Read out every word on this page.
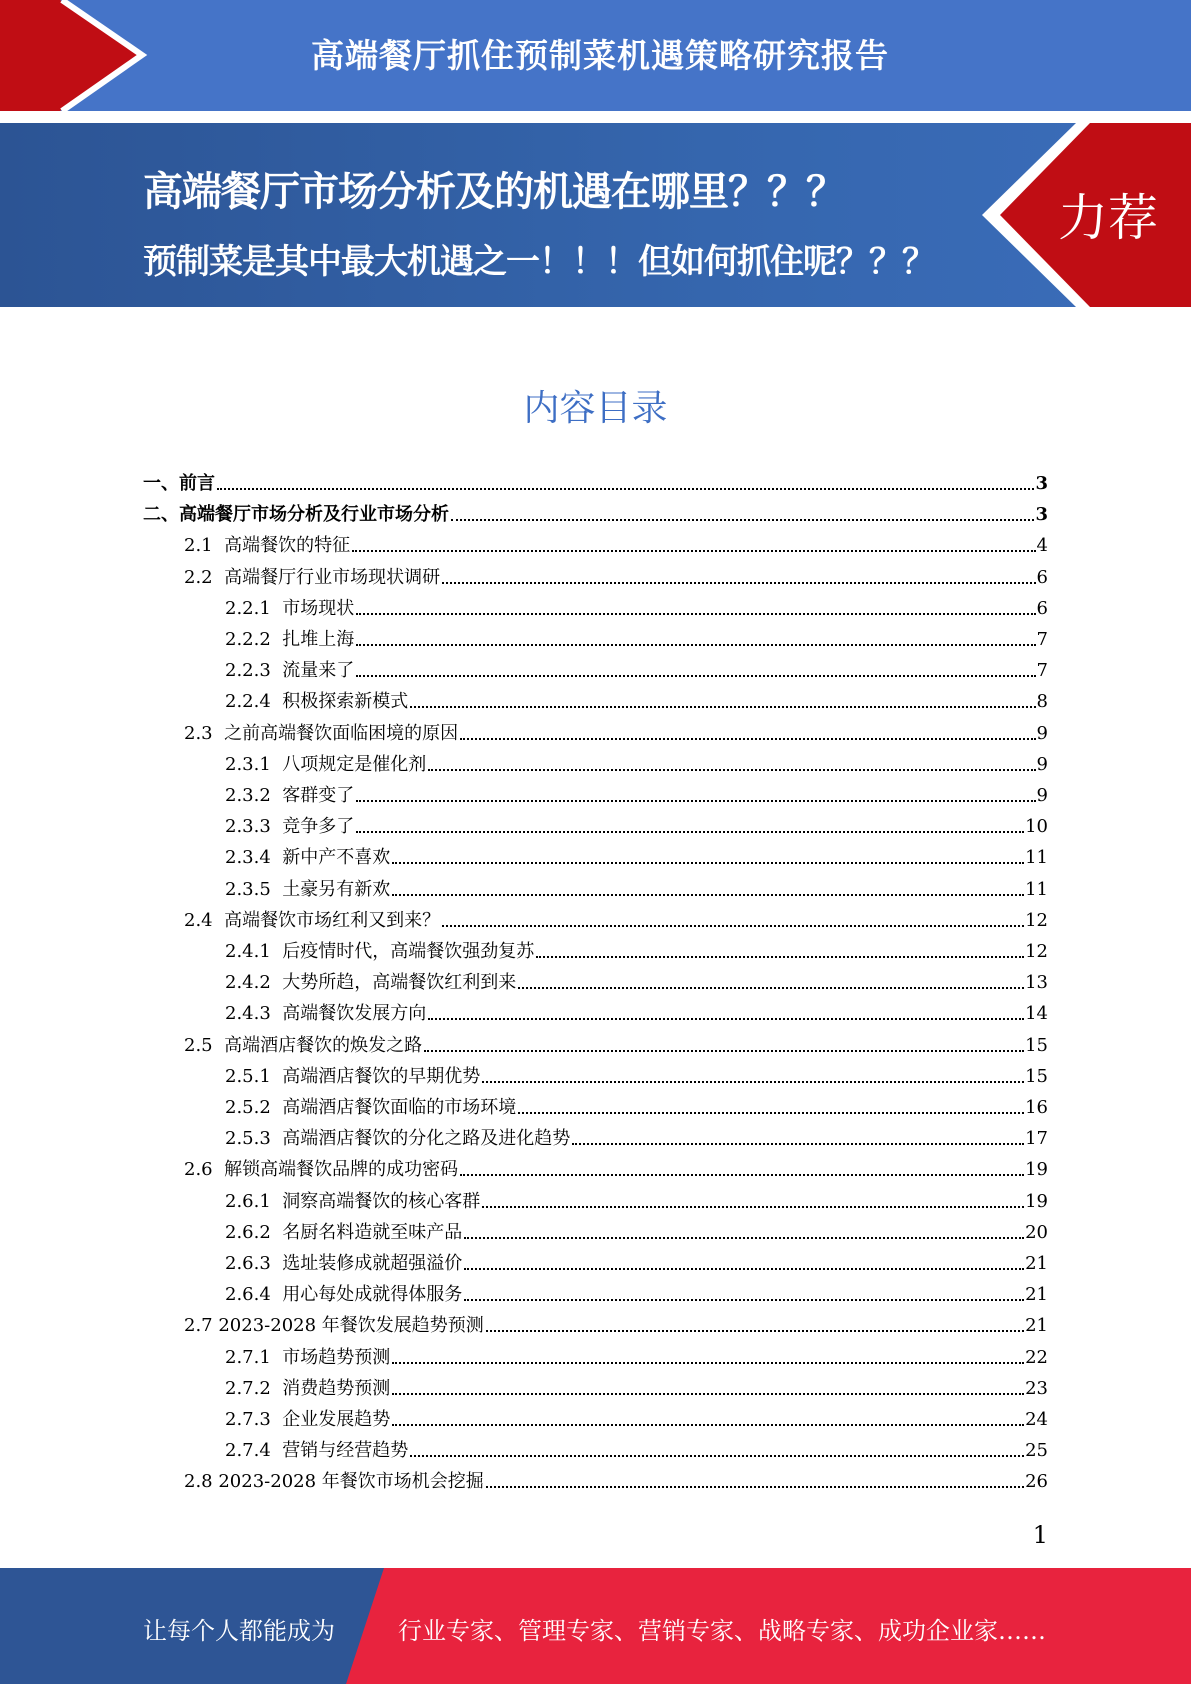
高端餐厅抓住预制菜机遇策略研究报告
高端餐厅市场分析及的机遇在哪里？？？
预制菜是其中最大机遇之一！！！但如何抓住呢？？？
力荐
内容目录
一、 前言	3
二、 高端餐厅市场分析及行业市场分析	3
2.1 高端餐饮的特征	4
2.2 高端餐厅行业市场现状调研	6
2.2.1 市场现状	6
2.2.2 扎堆上海	7
2.2.3 流量来了	7
2.2.4 积极探索新模式	8
2.3 之前高端餐饮面临困境的原因	9
2.3.1 八项规定是催化剂	9
2.3.2 客群变了	9
2.3.3 竞争多了	10
2.3.4 新中产不喜欢	11
2.3.5 土豪另有新欢	11
2.4 高端餐饮市场红利又到来？	12
2.4.1 后疫情时代，高端餐饮强劲复苏	12
2.4.2 大势所趋，高端餐饮红利到来	13
2.4.3 高端餐饮发展方向	14
2.5 高端酒店餐饮的焕发之路	15
2.5.1 高端酒店餐饮的早期优势	15
2.5.2 高端酒店餐饮面临的市场环境	16
2.5.3 高端酒店餐饮的分化之路及进化趋势	17
2.6 解锁高端餐饮品牌的成功密码	19
2.6.1 洞察高端餐饮的核心客群	19
2.6.2 名厨名料造就至味产品	20
2.6.3 选址装修成就超强溢价	21
2.6.4 用心每处成就得体服务	21
2.7 2023-2028 年餐饮发展趋势预测	21
2.7.1 市场趋势预测	22
2.7.2 消费趋势预测	23
2.7.3 企业发展趋势	24
2.7.4 营销与经营趋势	25
2.8 2023-2028 年餐饮市场机会挖掘	26
1
让每个人都能成为	行业专家、管理专家、营销专家、战略专家、成功企业家……
